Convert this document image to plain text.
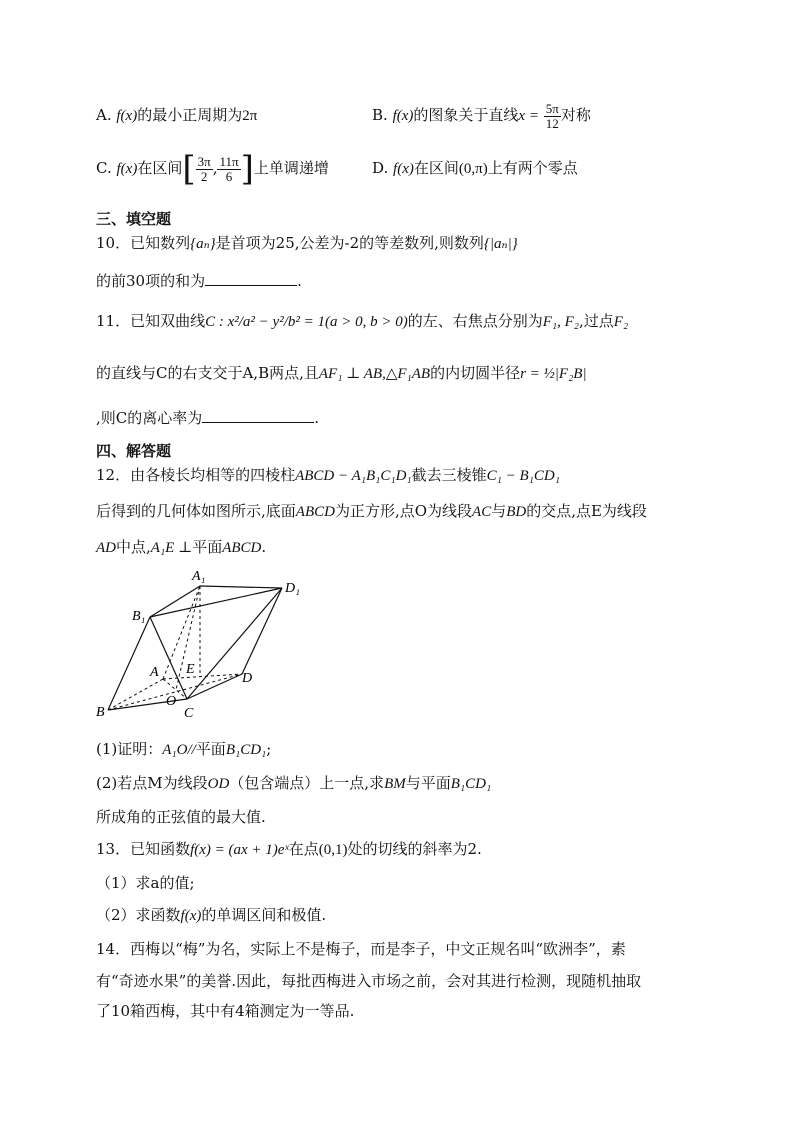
A. f(x)的最小正周期为2π	B. f(x)的图象关于直线$x = \frac{5\pi}{12}$ 对称
C. f(x)在区间[ $\frac{3\pi}{2}$ , $\frac{11\pi}{6}$ ]上单调递增	D. f(x)在区间(0,π)上有两个零点
三、填空题
10．已知数列{aₙ}是首项为25,公差为-2的等差数列,则数列{|aₙ|}
的前30项的和为	.
11．已知双曲线C : x²/a² − y²/b² = 1(a > 0, b > 0)的左、右焦点分别为F₁, F₂,过点F₂
的直线与C的右支交于A,B两点,且AF₁ ⊥ AB,△F₁AB的内切圆半径r = ½|F₂B|
,则C的离心率为	.
四、解答题
12．由各棱长均相等的四棱柱ABCD − A₁B₁C₁D₁截去三棱锥C₁ − B₁CD₁
后得到的几何体如图所示,底面ABCD为正方形,点O为线段AC与BD的交点,点E为线段
AD中点,A₁E ⊥平面ABCD.
A₁
D₁
B₁
A E
D
O
B	C
(1)证明：A₁O//平面B₁CD₁;
(2)若点M为线段OD（包含端点）上一点,求BM与平面B₁CD₁
所成角的正弦值的最大值.
13．已知函数f(x) = (ax + 1)eˣ在点(0,1)处的切线的斜率为2.
（1）求a的值;
（2）求函数f(x)的单调区间和极值.
14．西梅以“梅”为名，实际上不是梅子，而是李子，中文正规名叫“欧洲李”，素
有“奇迹水果”的美誉.因此，每批西梅进入市场之前，会对其进行检测，现随机抽取
了10箱西梅，其中有4箱测定为一等品.
